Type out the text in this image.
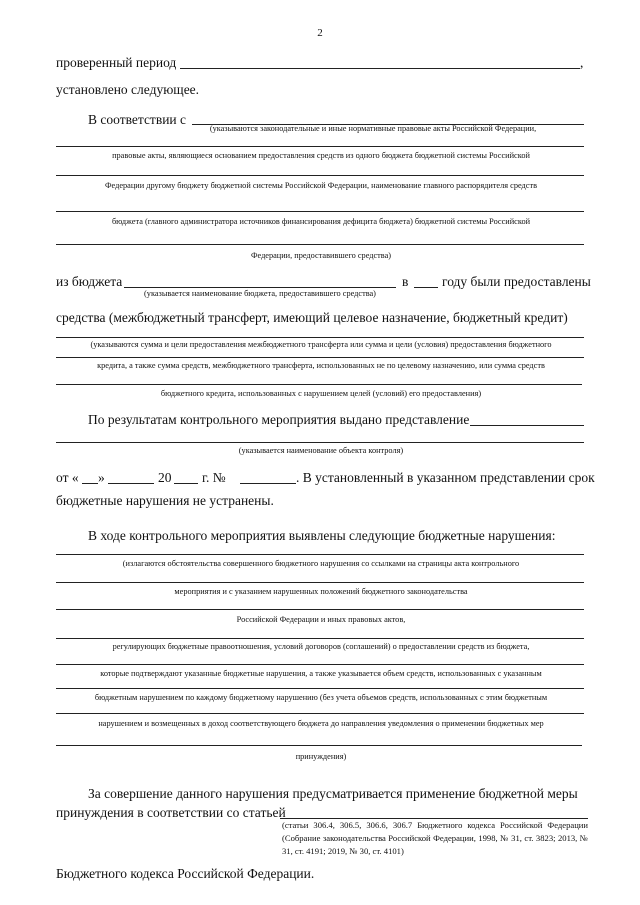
2
проверенный период	,
установлено следующее.
В соответствии с
(указываются законодательные и иные нормативные правовые акты Российской Федерации,
правовые акты, являющиеся основанием предоставления средств из одного бюджета бюджетной системы Российской
Федерации другому бюджету бюджетной системы Российской Федерации, наименование главного распорядителя средств
бюджета (главного администратора источников финансирования дефицита бюджета) бюджетной системы Российской
Федерации, предоставившего средства)
из бюджета	в году были предоставлены
(указывается наименование бюджета, предоставившего средства)
средства (межбюджетный трансферт, имеющий целевое назначение, бюджетный кредит)
(указываются сумма и цели предоставления межбюджетного трансферта или сумма и цели (условия) предоставления бюджетного
кредита, а также сумма средств, межбюджетного трансферта, использованных не по целевому назначению, или сумма средств
бюджетного кредита, использованных с нарушением целей (условий) его предоставления)
По результатам контрольного мероприятия выдано представление
(указывается наименование объекта контроля)
от « »	20 г. №	. В установленный в указанном представлении срок
бюджетные нарушения не устранены.
В ходе контрольного мероприятия выявлены следующие бюджетные нарушения:
(излагаются обстоятельства совершенного бюджетного нарушения со ссылками на страницы акта контрольного
мероприятия и с указанием нарушенных положений бюджетного законодательства
Российской Федерации и иных правовых актов,
регулирующих бюджетные правоотношения, условий договоров (соглашений) о предоставлении средств из бюджета,
которые подтверждают указанные бюджетные нарушения, а также указывается объем средств, использованных с указанным
бюджетным нарушением по каждому бюджетному нарушению (без учета объемов средств, использованных с этим бюджетным
нарушением и возмещенных в доход соответствующего бюджета до направления уведомления о применении бюджетных мер
принуждения)
За совершение данного нарушения предусматривается применение бюджетной меры
принуждения в соответствии со статьей
(статьи 306.4, 306.5, 306.6, 306.7 Бюджетного кодекса Российской Федерации (Собрание законодательства Российской Федерации, 1998, № 31, ст. 3823; 2013, № 31, ст. 4191; 2019, № 30, ст. 4101)
Бюджетного кодекса Российской Федерации.
